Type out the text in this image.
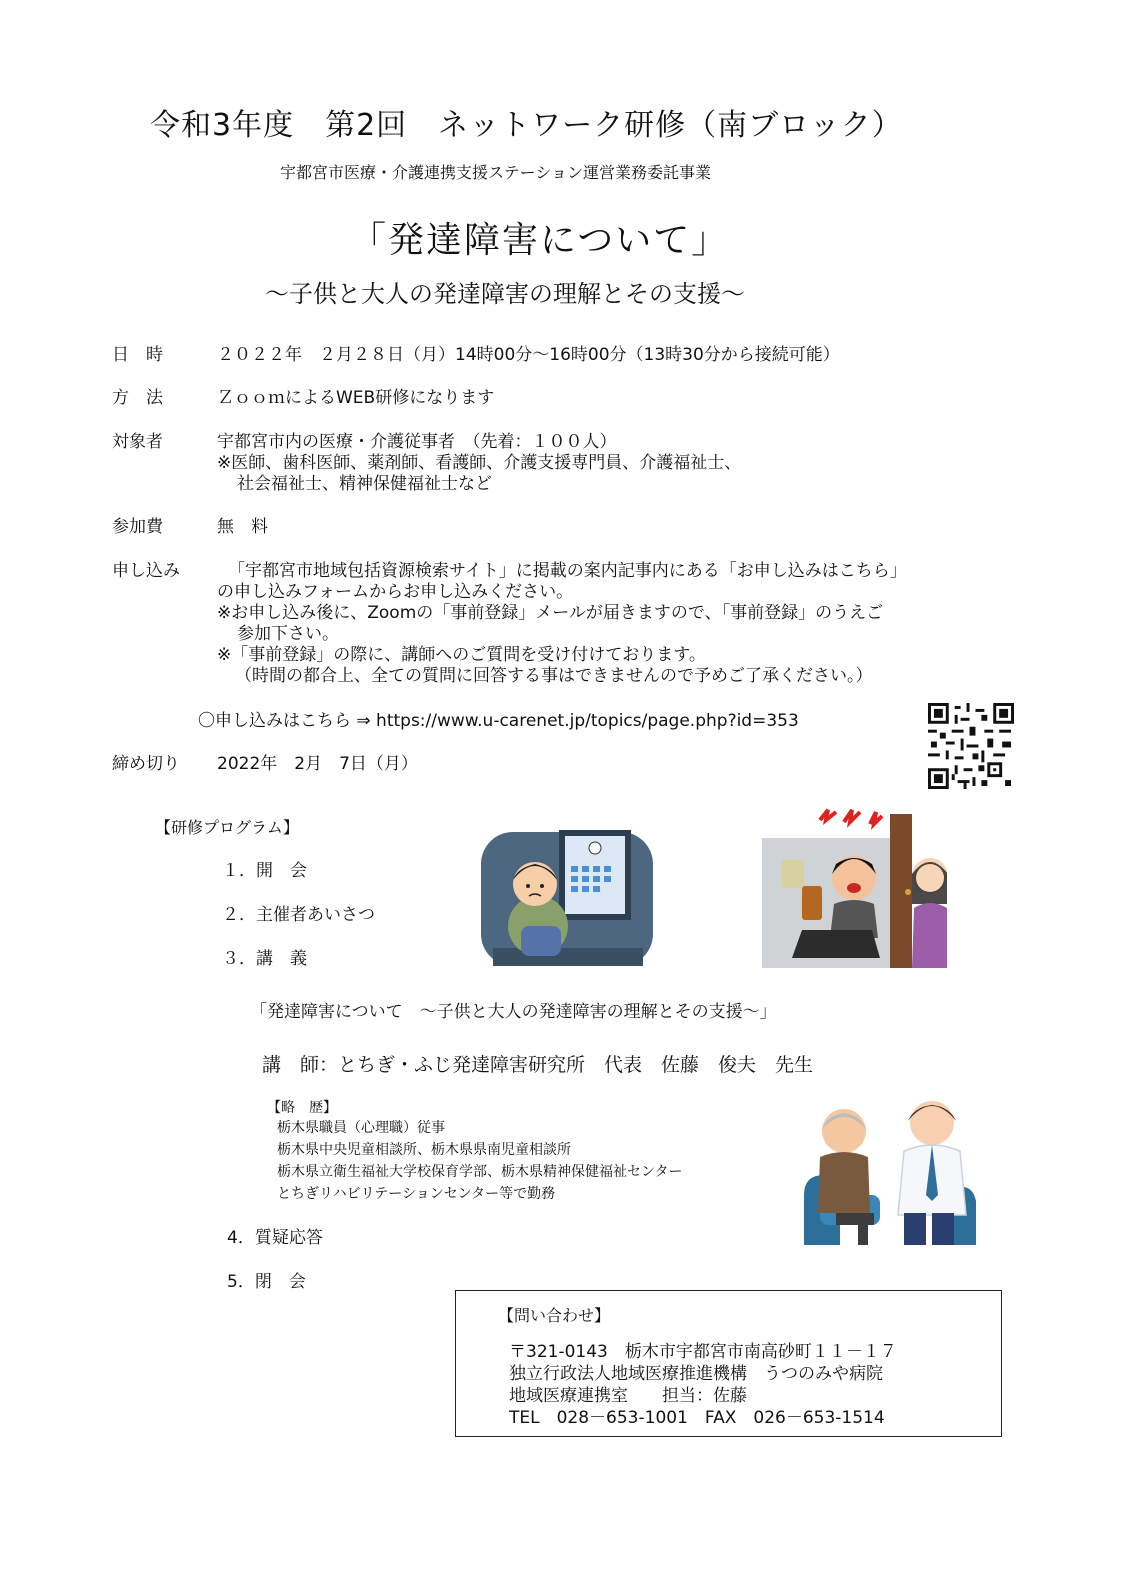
令和3年度　第2回　ネットワーク研修（南ブロック）
宇都宮市医療・介護連携支援ステーション運営業務委託事業
「発達障害について」
～子供と大人の発達障害の理解とその支援～
日　時	２０２２年　２月２８日（月）14時00分～16時00分（13時30分から接続可能）
方　法	ＺｏｏｍによるWEB研修になります
対象者	宇都宮市内の医療・介護従事者　（先着：１００人）
※医師、歯科医師、薬剤師、看護師、介護支援専門員、介護福祉士、
社会福祉士、精神保健福祉士など
参加費	無　料
申し込み	「宇都宮市地域包括資源検索サイト」に掲載の案内記事内にある「お申し込みはこちら」
の申し込みフォームからお申し込みください。
※お申し込み後に、Zoomの「事前登録」メールが届きますので、「事前登録」のうえご
参加下さい。
※「事前登録」の際に、講師へのご質問を受け付けております。
（時間の都合上、全ての質問に回答する事はできませんので予めご了承ください。）
〇申し込みはこちら ⇒ https://www.u-carenet.jp/topics/page.php?id=353
締め切り 2022年　2月　7日（月）
【研修プログラム】
１．開　会
２．主催者あいさつ
３．講　義
「発達障害について　～子供と大人の発達障害の理解とその支援～」
講　師：とちぎ・ふじ発達障害研究所　代表　佐藤　俊夫　先生
【略　歴】
栃木県職員（心理職）従事
栃木県中央児童相談所、栃木県県南児童相談所
栃木県立衛生福祉大学校保育学部、栃木県精神保健福祉センター
とちぎリハビリテーションセンター等で勤務
4．質疑応答
5．閉　会
【問い合わせ】
〒321-0143　栃木市宇都宮市南高砂町１１－１７
独立行政法人地域医療推進機構　うつのみや病院
地域医療連携室　　担当：佐藤
TEL　028－653-1001　FAX　026－653-1514
